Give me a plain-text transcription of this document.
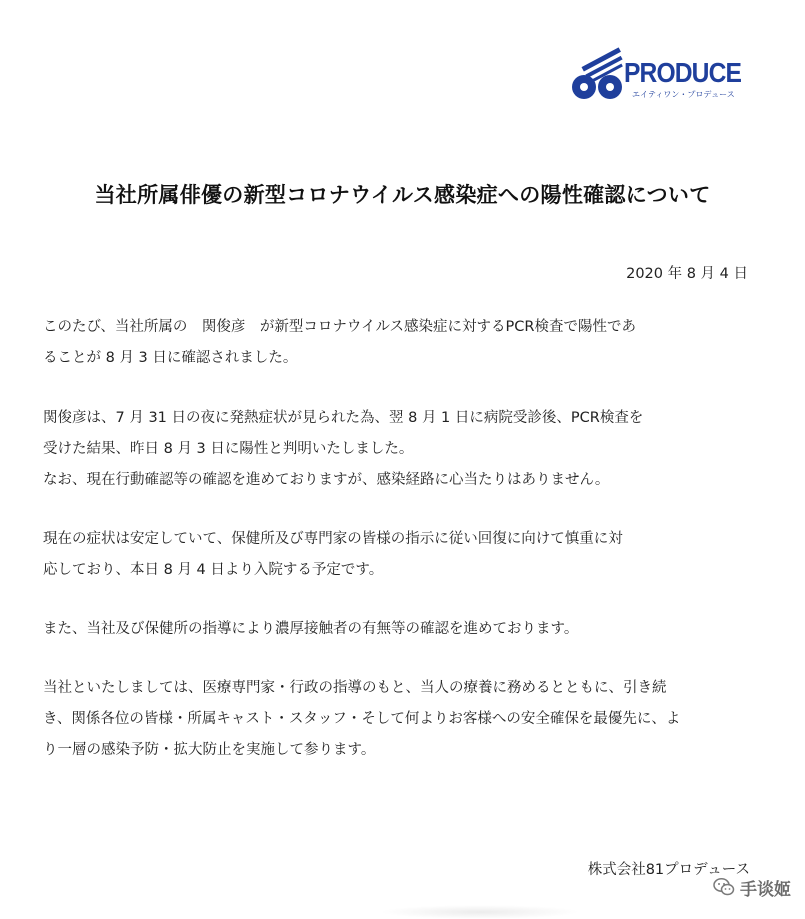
PRODUCE
エイティワン・プロデュース
当社所属俳優の新型コロナウイルス感染症への陽性確認について
2020 年 8 月 4 日
このたび、当社所属の　関俊彦　が新型コロナウイルス感染症に対するPCR検査で陽性であ
ることが 8 月 3 日に確認されました。
関俊彦は、7 月 31 日の夜に発熱症状が見られた為、翌 8 月 1 日に病院受診後、PCR検査を
受けた結果、昨日 8 月 3 日に陽性と判明いたしました。
なお、現在行動確認等の確認を進めておりますが、感染経路に心当たりはありません。
現在の症状は安定していて、保健所及び専門家の皆様の指示に従い回復に向けて慎重に対
応しており、本日 8 月 4 日より入院する予定です。
また、当社及び保健所の指導により濃厚接触者の有無等の確認を進めております。
当社といたしましては、医療専門家・行政の指導のもと、当人の療養に務めるとともに、引き続
き、関係各位の皆様・所属キャスト・スタッフ・そして何よりお客様への安全確保を最優先に、よ
り一層の感染予防・拡大防止を実施して参ります。
株式会社81プロデュース
手谈姬
